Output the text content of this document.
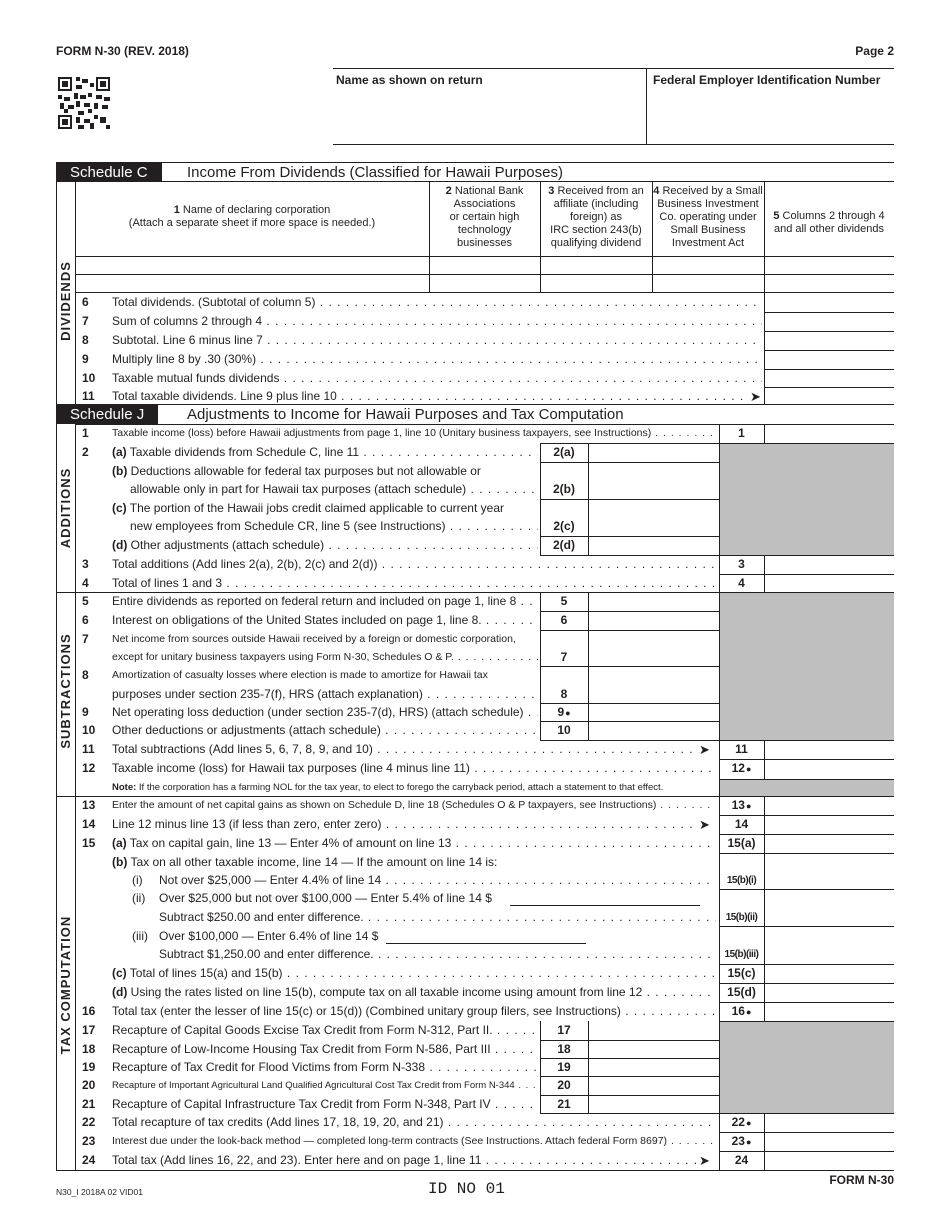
FORM N-30 (REV. 2018)	Page 2
Name as shown on return	Federal Employer Identification Number
Schedule C	Income From Dividends (Classified for Hawaii Purposes)
DIVIDENDS
1 Name of declaring corporation
(Attach a separate sheet if more space is needed.)
2 National Bank
Associations
or certain high
technology
businesses
3 Received from an
affiliate (including
foreign) as
IRC section 243(b)
qualifying dividend
4 Received by a Small
Business Investment
Co. operating under
Small Business
Investment Act
5 Columns 2 through 4
and all other dividends
6	Total dividends. (Subtotal of column 5) . . .
7	Sum of columns 2 through 4 . . .
8	Subtotal. Line 6 minus line 7 . . .
9	Multiply line 8 by .30 (30%) . . .
10	Taxable mutual funds dividends . . .
11	Total taxable dividends. Line 9 plus line 10 . . .	➤
Schedule J	Adjustments to Income for Hawaii Purposes and Tax Computation
ADDITIONS
SUBTRACTIONS
TAX COMPUTATION
1	Taxable income (loss) before Hawaii adjustments from page 1, line 10 (Unitary business taxpayers, see Instructions) . . .	1
2	(a) Taxable dividends from Schedule C, line 11 . . .	2(a)
(b) Deductions allowable for federal tax purposes but not allowable or
allowable only in part for Hawaii tax purposes (attach schedule) . . .	2(b)
(c) The portion of the Hawaii jobs credit claimed applicable to current year
new employees from Schedule CR, line 5 (see Instructions) . . .	2(c)
(d) Other adjustments (attach schedule) . . .	2(d)
3	Total additions (Add lines 2(a), 2(b), 2(c) and 2(d)) . . .	3
4	Total of lines 1 and 3 . . .	4
5	Entire dividends as reported on federal return and included on page 1, line 8 . . .	5
6	Interest on obligations of the United States included on page 1, line 8. . . .	6
7	Net income from sources outside Hawaii received by a foreign or domestic corporation,
except for unitary business taxpayers using Form N-30, Schedules O & P. . . .	7
8	Amortization of casualty losses where election is made to amortize for Hawaii tax
purposes under section 235-7(f), HRS (attach explanation) . . .	8
9	Net operating loss deduction (under section 235-7(d), HRS) (attach schedule) . . .	9 ●
10	Other deductions or adjustments (attach schedule) . . .	10
11	Total subtractions (Add lines 5, 6, 7, 8, 9, and 10) . . .	➤	11
12	Taxable income (loss) for Hawaii tax purposes (line 4 minus line 11) . . .	12 ●
Note: If the corporation has a farming NOL for the tax year, to elect to forego the carryback period, attach a statement to that effect.
13	Enter the amount of net capital gains as shown on Schedule D, line 18 (Schedules O & P taxpayers, see Instructions) . . .	13 ●
14	Line 12 minus line 13 (if less than zero, enter zero) . . .	➤	14
15	(a) Tax on capital gain, line 13 — Enter 4% of amount on line 13 . . .	15(a)
(b) Tax on all other taxable income, line 14 — If the amount on line 14 is:
(i)	Not over $25,000 — Enter 4.4% of line 14 . . .	15(b)(i)
(ii)	Over $25,000 but not over $100,000 — Enter 5.4% of line 14 $
Subtract $250.00 and enter difference. . . .	15(b)(ii)
(iii) Over $100,000 — Enter 6.4% of line 14 $
Subtract $1,250.00 and enter difference. . . .	15(b)(iii)
(c) Total of lines 15(a) and 15(b) . . .	15(c)
(d) Using the rates listed on line 15(b), compute tax on all taxable income using amount from line 12 . . .	15(d)
16	Total tax (enter the lesser of line 15(c) or 15(d)) (Combined unitary group filers, see Instructions) . . .	16 ●
17	Recapture of Capital Goods Excise Tax Credit from Form N-312, Part II. . . .	17
18	Recapture of Low-Income Housing Tax Credit from Form N-586, Part III . . .	18
19	Recapture of Tax Credit for Flood Victims from Form N-338 . . .	19
20	Recapture of Important Agricultural Land Qualified Agricultural Cost Tax Credit from Form N-344 . . .	20
21	Recapture of Capital Infrastructure Tax Credit from Form N-348, Part IV . . .	21
22	Total recapture of tax credits (Add lines 17, 18, 19, 20, and 21) . . .	22 ●
23	Interest due under the look-back method — completed long-term contracts (See Instructions. Attach federal Form 8697) . . .	23 ●
24	Total tax (Add lines 16, 22, and 23). Enter here and on page 1, line 11 . . .	➤	24
N30_I 2018A 02 VID01	ID NO 01	FORM N-30
